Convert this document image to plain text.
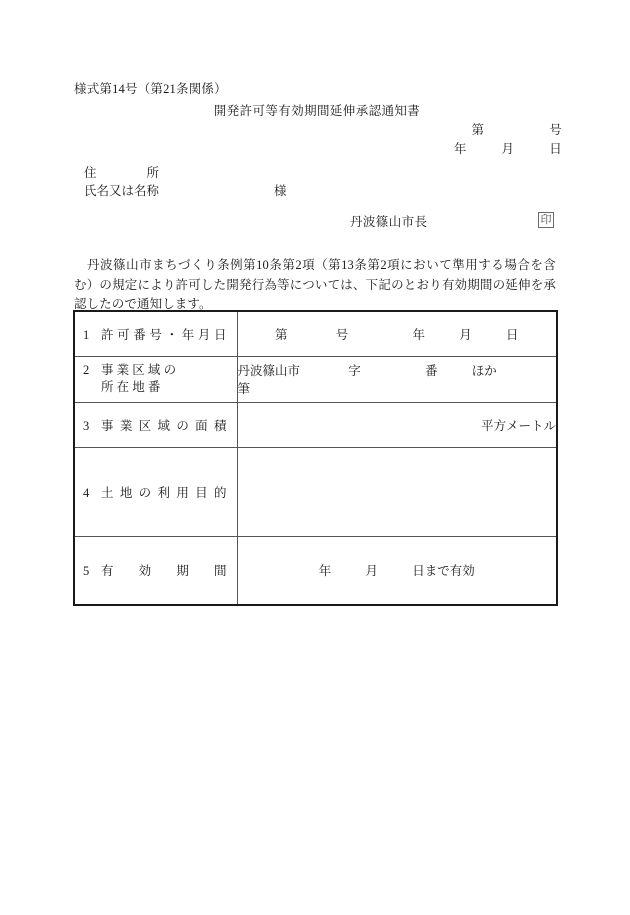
様式第14号（第21条関係）
開発許可等有効期間延伸承認通知書
第	号
年	月	日
住　　　　所
氏名又は名称	様
丹波篠山市長	印
丹波篠山市まちづくり条例第10条第2項（第13条第2項において準用する場合を含む）の規定により許可した開発行為等については、下記のとおり有効期間の延伸を承認したので通知します。
1 許 可 番 号 ・ 年 月 日	第	号	年	月	日

2 事 業 区 域 の
所 在 地 番	丹波篠山市 字 番 ほか  筆

3 事 業 区 域 の 面 積	平方メートル

4 土 地 の 利 用 目 的

5 有 効 期 間	年 月 日まで有効
